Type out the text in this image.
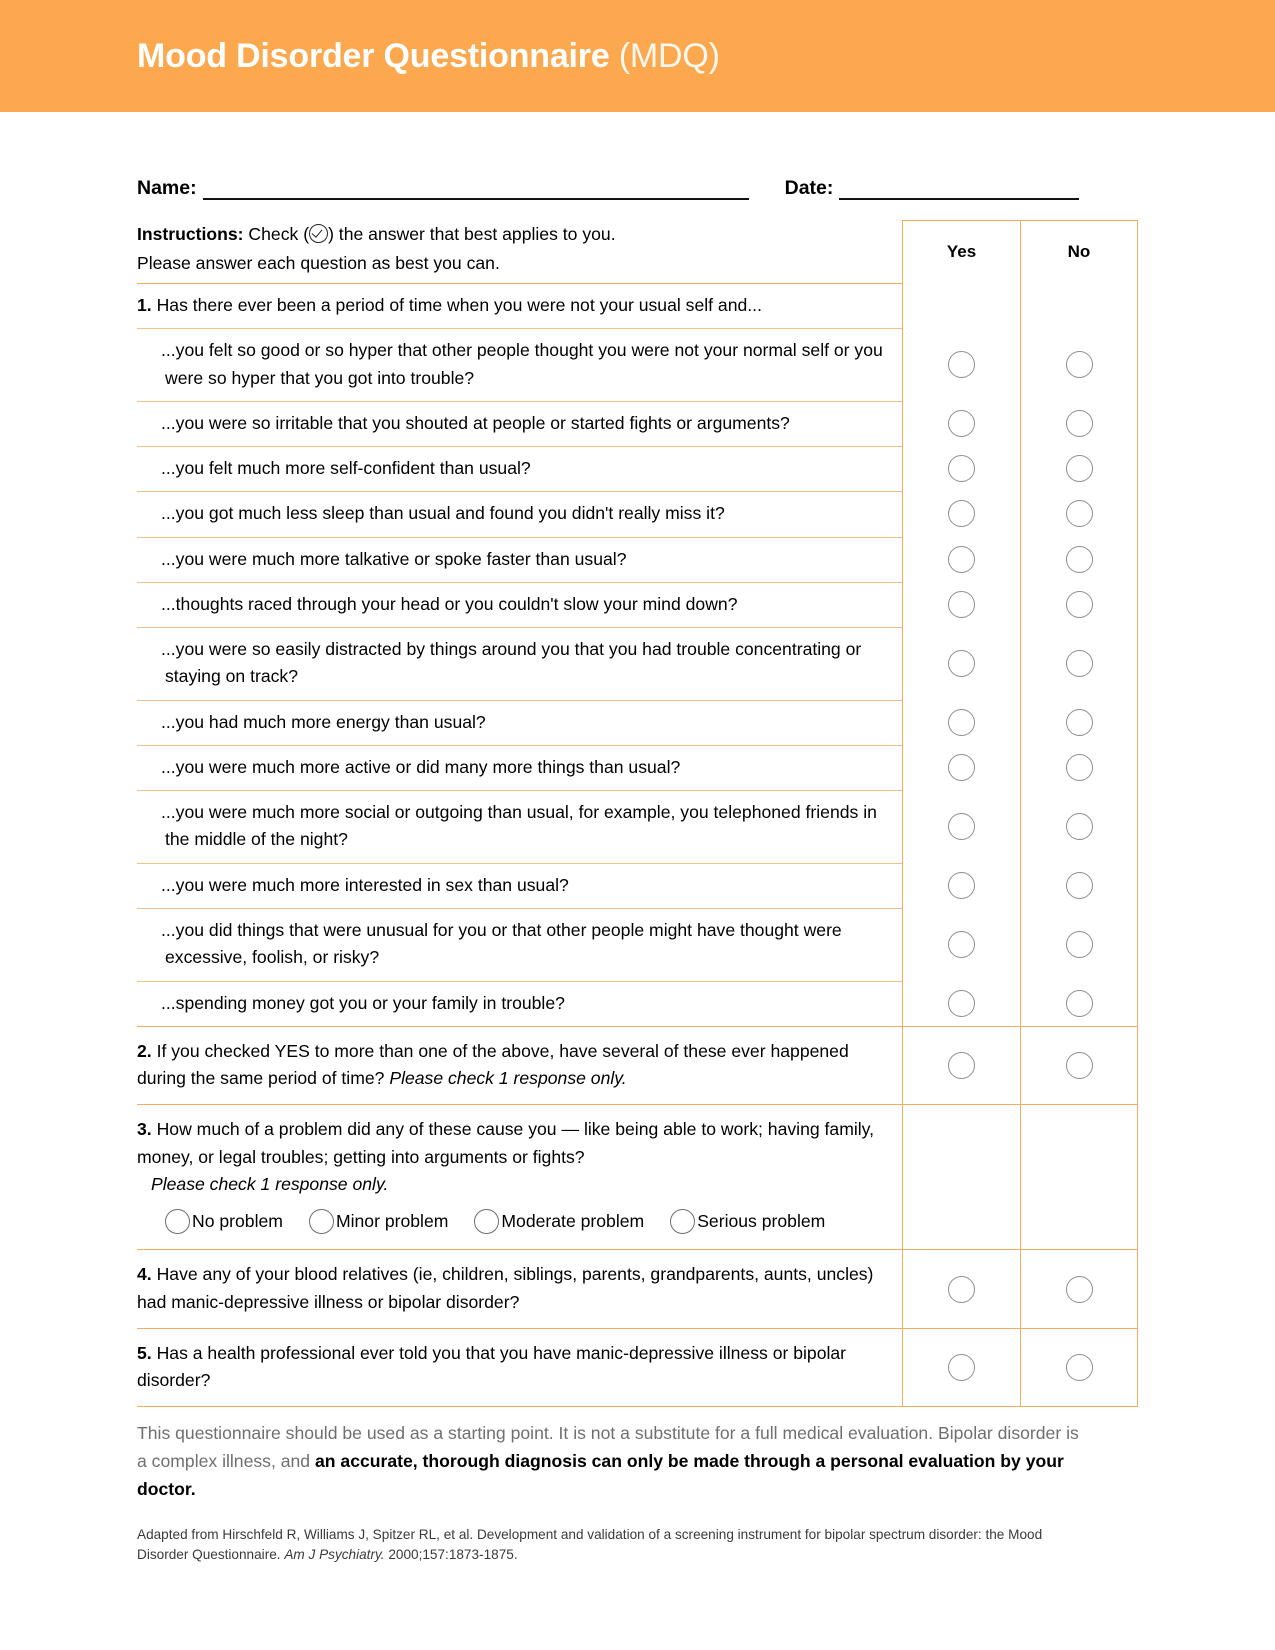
Mood Disorder Questionnaire (MDQ)
Name:	Date:
Instructions: Check ( ) the answer that best applies to you.
Please answer each question as best you can.
Yes	No
1. Has there ever been a period of time when you were not your usual self and...
...you felt so good or so hyper that other people thought you were not your normal self or you were so hyper that you got into trouble?
...you were so irritable that you shouted at people or started fights or arguments?
...you felt much more self-confident than usual?
...you got much less sleep than usual and found you didn't really miss it?
...you were much more talkative or spoke faster than usual?
...thoughts raced through your head or you couldn't slow your mind down?
...you were so easily distracted by things around you that you had trouble concentrating or staying on track?
...you had much more energy than usual?
...you were much more active or did many more things than usual?
...you were much more social or outgoing than usual, for example, you telephoned friends in the middle of the night?
...you were much more interested in sex than usual?
...you did things that were unusual for you or that other people might have thought were excessive, foolish, or risky?
...spending money got you or your family in trouble?
2. If you checked YES to more than one of the above, have several of these ever happened during the same period of time? Please check 1 response only.
3. How much of a problem did any of these cause you — like being able to work; having family, money, or legal troubles; getting into arguments or fights?
Please check 1 response only.
No problem	Minor problem	Moderate problem	Serious problem
4. Have any of your blood relatives (ie, children, siblings, parents, grandparents, aunts, uncles) had manic-depressive illness or bipolar disorder?
5. Has a health professional ever told you that you have manic-depressive illness or bipolar disorder?
This questionnaire should be used as a starting point. It is not a substitute for a full medical evaluation. Bipolar disorder is a complex illness, and an accurate, thorough diagnosis can only be made through a personal evaluation by your doctor.
Adapted from Hirschfeld R, Williams J, Spitzer RL, et al. Development and validation of a screening instrument for bipolar spectrum disorder: the Mood Disorder Questionnaire. Am J Psychiatry. 2000;157:1873-1875.
